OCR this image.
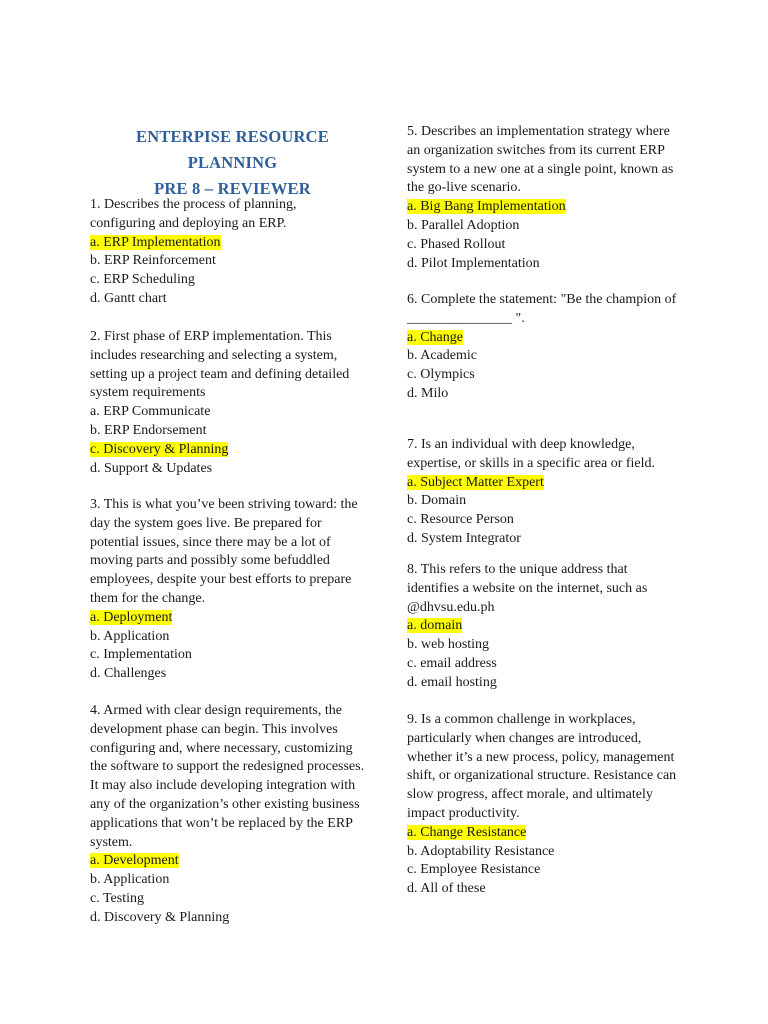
ENTERPISE RESOURCE PLANNING
PRE 8 – REVIEWER
1. Describes the process of planning,
configuring and deploying an ERP.
a. ERP Implementation
b. ERP Reinforcement
c. ERP Scheduling
d. Gantt chart
2. First phase of ERP implementation. This
includes researching and selecting a system,
setting up a project team and defining detailed
system requirements
a. ERP Communicate
b. ERP Endorsement
c. Discovery & Planning
d. Support & Updates
3. This is what you’ve been striving toward: the
day the system goes live. Be prepared for
potential issues, since there may be a lot of
moving parts and possibly some befuddled
employees, despite your best efforts to prepare
them for the change.
a. Deployment
b. Application
c. Implementation
d. Challenges
4. Armed with clear design requirements, the
development phase can begin. This involves
configuring and, where necessary, customizing
the software to support the redesigned processes.
It may also include developing integration with
any of the organization’s other existing business
applications that won’t be replaced by the ERP
system.
a. Development
b. Application
c. Testing
d. Discovery & Planning
5. Describes an implementation strategy where
an organization switches from its current ERP
system to a new one at a single point, known as
the go-live scenario.
a. Big Bang Implementation
b. Parallel Adoption
c. Phased Rollout
d. Pilot Implementation
6. Complete the statement: "Be the champion of
_______________ ".
a. Change
b. Academic
c. Olympics
d. Milo
7. Is an individual with deep knowledge,
expertise, or skills in a specific area or field.
a. Subject Matter Expert
b. Domain
c. Resource Person
d. System Integrator
8. This refers to the unique address that
identifies a website on the internet, such as
@dhvsu.edu.ph
a. domain
b. web hosting
c. email address
d. email hosting
9. Is a common challenge in workplaces,
particularly when changes are introduced,
whether it’s a new process, policy, management
shift, or organizational structure. Resistance can
slow progress, affect morale, and ultimately
impact productivity.
a. Change Resistance
b. Adoptability Resistance
c. Employee Resistance
d. All of these
